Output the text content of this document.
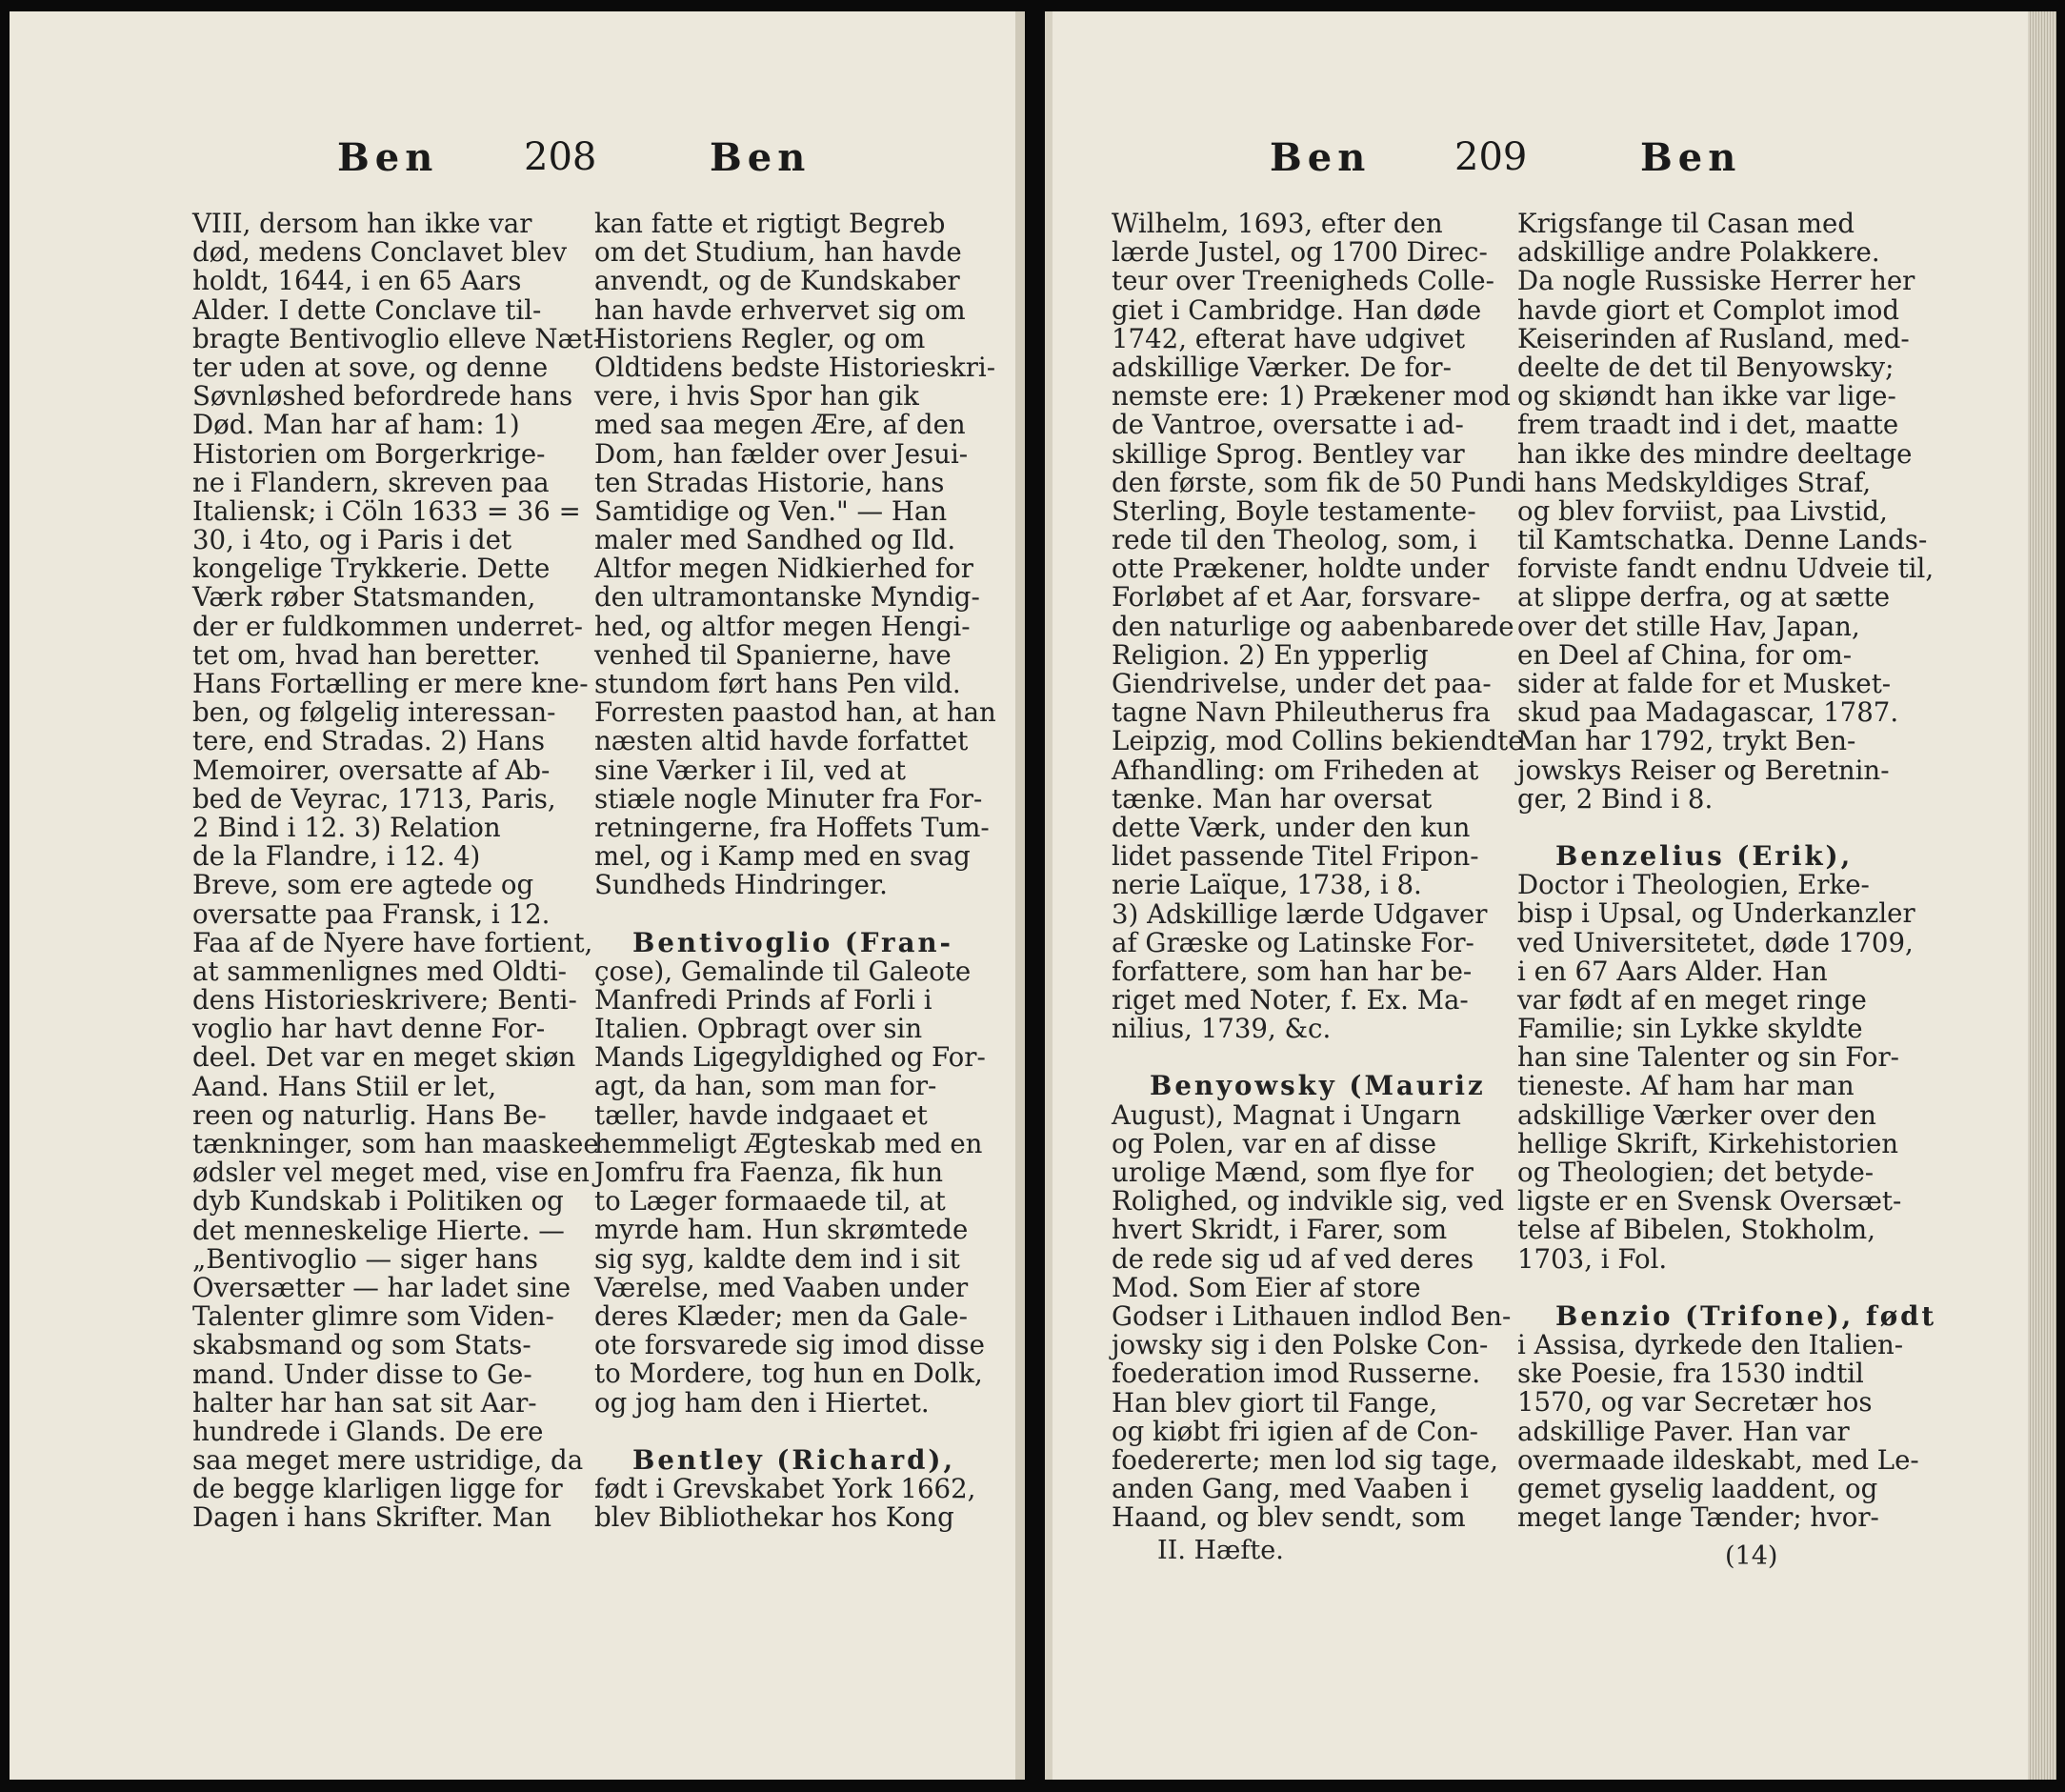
Ben 208	Ben
VIII, dersom han ikke var
død, medens Conclavet blev
holdt, 1644, i en 65 Aars
Alder. I dette Conclave til-
bragte Bentivoglio elleve Næt-
ter uden at sove, og denne
Søvnløshed befordrede hans
Død. Man har af ham: 1)
Historien om Borgerkrige-
ne i Flandern, skreven paa
Italiensk; i Cöln 1633 = 36 =
30, i 4to, og i Paris i det
kongelige Trykkerie. Dette
Værk røber Statsmanden,
der er fuldkommen underret-
tet om, hvad han beretter.
Hans Fortælling er mere kne-
ben, og følgelig interessan-
tere, end Stradas. 2) Hans
Memoirer, oversatte af Ab-
bed de Veyrac, 1713, Paris,
2 Bind i 12. 3) Relation
de la Flandre, i 12. 4)
Breve, som ere agtede og
oversatte paa Fransk, i 12.
Faa af de Nyere have fortient,
at sammenlignes med Oldti-
dens Historieskrivere; Benti-
voglio har havt denne For-
deel. Det var en meget skiøn
Aand. Hans Stiil er let,
reen og naturlig. Hans Be-
tænkninger, som han maaskee
ødsler vel meget med, vise en
dyb Kundskab i Politiken og
det menneskelige Hierte. —
„Bentivoglio — siger hans
Oversætter — har ladet sine
Talenter glimre som Viden-
skabsmand og som Stats-
mand. Under disse to Ge-
halter har han sat sit Aar-
hundrede i Glands. De ere
saa meget mere ustridige, da
de begge klarligen ligge for
Dagen i hans Skrifter. Man
kan fatte et rigtigt Begreb
om det Studium, han havde
anvendt, og de Kundskaber
han havde erhvervet sig om
Historiens Regler, og om
Oldtidens bedste Historieskri-
vere, i hvis Spor han gik
med saa megen Ære, af den
Dom, han fælder over Jesui-
ten Stradas Historie, hans
Samtidige og Ven." — Han
maler med Sandhed og Ild.
Altfor megen Nidkierhed for
den ultramontanske Myndig-
hed, og altfor megen Hengi-
venhed til Spanierne, have
stundom ført hans Pen vild.
Forresten paastod han, at han
næsten altid havde forfattet
sine Værker i Iil, ved at
stiæle nogle Minuter fra For-
retningerne, fra Hoffets Tum-
mel, og i Kamp med en svag
Sundheds Hindringer.
Bentivoglio (Fran-
çose), Gemalinde til Galeote
Manfredi Prinds af Forli i
Italien. Opbragt over sin
Mands Ligegyldighed og For-
agt, da han, som man for-
tæller, havde indgaaet et
hemmeligt Ægteskab med en
Jomfru fra Faenza, fik hun
to Læger formaaede til, at
myrde ham. Hun skrømtede
sig syg, kaldte dem ind i sit
Værelse, med Vaaben under
deres Klæder; men da Gale-
ote forsvarede sig imod disse
to Mordere, tog hun en Dolk,
og jog ham den i Hiertet.
Bentley (Richard),
født i Grevskabet York 1662,
blev Bibliothekar hos Kong
Ben 209	Ben
Wilhelm, 1693, efter den
lærde Justel, og 1700 Direc-
teur over Treenigheds Colle-
giet i Cambridge. Han døde
1742, efterat have udgivet
adskillige Værker. De for-
nemste ere: 1) Prækener mod
de Vantroe, oversatte i ad-
skillige Sprog. Bentley var
den første, som fik de 50 Pund
Sterling, Boyle testamente-
rede til den Theolog, som, i
otte Prækener, holdte under
Forløbet af et Aar, forsvare-
den naturlige og aabenbarede
Religion. 2) En ypperlig
Giendrivelse, under det paa-
tagne Navn Phileutherus fra
Leipzig, mod Collins bekiendte
Afhandling: om Friheden at
tænke. Man har oversat
dette Værk, under den kun
lidet passende Titel Fripon-
nerie Laïque, 1738, i 8.
3) Adskillige lærde Udgaver
af Græske og Latinske For-
forfattere, som han har be-
riget med Noter, f. Ex. Ma-
nilius, 1739, &c.
Benyowsky (Mauriz
August), Magnat i Ungarn
og Polen, var en af disse
urolige Mænd, som flye for
Rolighed, og indvikle sig, ved
hvert Skridt, i Farer, som
de rede sig ud af ved deres
Mod. Som Eier af store
Godser i Lithauen indlod Ben-
jowsky sig i den Polske Con-
foederation imod Russerne.
Han blev giort til Fange,
og kiøbt fri igien af de Con-
foedererte; men lod sig tage,
anden Gang, med Vaaben i
Haand, og blev sendt, som
Krigsfange til Casan med
adskillige andre Polakkere.
Da nogle Russiske Herrer her
havde giort et Complot imod
Keiserinden af Rusland, med-
deelte de det til Benyowsky;
og skiøndt han ikke var lige-
frem traadt ind i det, maatte
han ikke des mindre deeltage
i hans Medskyldiges Straf,
og blev forviist, paa Livstid,
til Kamtschatka. Denne Lands-
forviste fandt endnu Udveie til,
at slippe derfra, og at sætte
over det stille Hav, Japan,
en Deel af China, for om-
sider at falde for et Musket-
skud paa Madagascar, 1787.
Man har 1792, trykt Ben-
jowskys Reiser og Beretnin-
ger, 2 Bind i 8.
Benzelius (Erik),
Doctor i Theologien, Erke-
bisp i Upsal, og Underkanzler
ved Universitetet, døde 1709,
i en 67 Aars Alder. Han
var født af en meget ringe
Familie; sin Lykke skyldte
han sine Talenter og sin For-
tieneste. Af ham har man
adskillige Værker over den
hellige Skrift, Kirkehistorien
og Theologien; det betyde-
ligste er en Svensk Oversæt-
telse af Bibelen, Stokholm,
1703, i Fol.
Benzio (Trifone), født
i Assisa, dyrkede den Italien-
ske Poesie, fra 1530 indtil
1570, og var Secretær hos
adskillige Paver. Han var
overmaade ildeskabt, med Le-
gemet gyselig laaddent, og
meget lange Tænder; hvor-
II. Hæfte.	(14)
